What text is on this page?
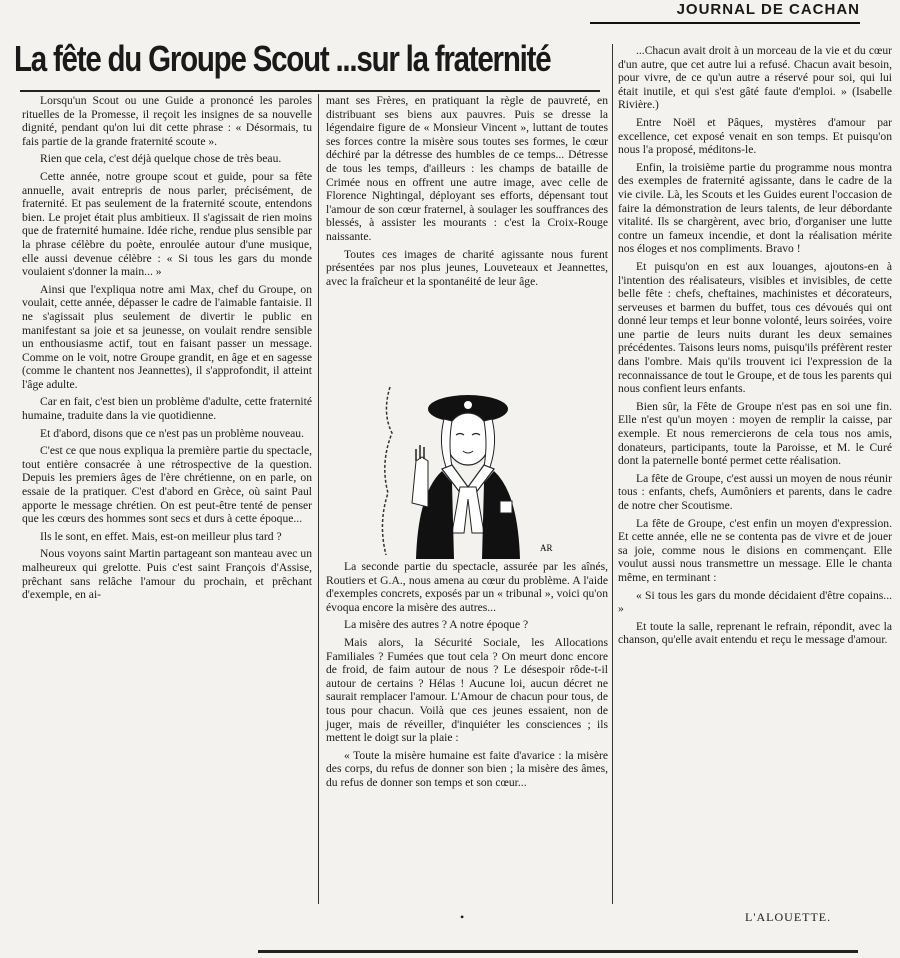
JOURNAL DE CACHAN
La fête du Groupe Scout ...sur la fraternité

Lorsqu'un Scout ou une Guide a prononcé les paroles rituelles de la Promesse, il reçoit les insignes de sa nouvelle dignité, pendant qu'on lui dit cette phrase : « Désormais, tu fais partie de la grande fraternité scoute ».

Rien que cela, c'est déjà quelque chose de très beau.

Cette année, notre groupe scout et guide, pour sa fête annuelle, avait entrepris de nous parler, précisément, de fraternité. Et pas seulement de la fraternité scoute, entendons bien. Le projet était plus ambitieux. Il s'agissait de rien moins que de fraternité humaine. Idée riche, rendue plus sensible par la phrase célèbre du poète, enroulée autour d'une musique, elle aussi devenue célèbre : « Si tous les gars du monde voulaient s'donner la main... »

Ainsi que l'expliqua notre ami Max, chef du Groupe, on voulait, cette année, dépasser le cadre de l'aimable fantaisie. Il ne s'agissait plus seulement de divertir le public en manifestant sa joie et sa jeunesse, on voulait rendre sensible un enthousiasme actif, tout en faisant passer un message. Comme on le voit, notre Groupe grandit, en âge et en sagesse (comme le chantent nos Jeannettes), il s'approfondit, il atteint l'âge adulte.

Car en fait, c'est bien un problème d'adulte, cette fraternité humaine, traduite dans la vie quotidienne.

Et d'abord, disons que ce n'est pas un problème nouveau.

C'est ce que nous expliqua la première partie du spectacle, tout entière consacrée à une rétrospective de la question. Depuis les premiers âges de l'ère chrétienne, on en parle, on essaie de la pratiquer. C'est d'abord en Grèce, où saint Paul apporte le message chrétien. On est peut-être tenté de penser que les cœurs des hommes sont secs et durs à cette époque...

Ils le sont, en effet. Mais, est-on meilleur plus tard ?

Nous voyons saint Martin partageant son manteau avec un malheureux qui grelotte. Puis c'est saint François d'Assise, prêchant sans relâche l'amour du prochain, et prêchant d'exemple, en ai-

mant ses Frères, en pratiquant la règle de pauvreté, en distribuant ses biens aux pauvres. Puis se dresse la légendaire figure de « Monsieur Vincent », luttant de toutes ses forces contre la misère sous toutes ses formes, le cœur déchiré par la détresse des humbles de ce temps... Détresse de tous les temps, d'ailleurs : les champs de bataille de Crimée nous en offrent une autre image, avec celle de Florence Nightingal, déployant ses efforts, dépensant tout l'amour de son cœur fraternel, à soulager les souffrances des blessés, à assister les mourants : c'est la Croix-Rouge naissante.

Toutes ces images de charité agissante nous furent présentées par nos plus jeunes, Louveteaux et Jeannettes, avec la fraîcheur et la spontanéité de leur âge.

AR

La seconde partie du spectacle, assurée par les aînés, Routiers et G.A., nous amena au cœur du problème. A l'aide d'exemples concrets, exposés par un « tribunal », voici qu'on évoqua encore la misère des autres...

La misère des autres ? A notre époque ?

Mais alors, la Sécurité Sociale, les Allocations Familiales ? Fumées que tout cela ? On meurt donc encore de froid, de faim autour de nous ? Le désespoir rôde-t-il autour de certains ? Hélas ! Aucune loi, aucun décret ne saurait remplacer l'amour. L'Amour de chacun pour tous, de tous pour chacun. Voilà que ces jeunes essaient, non de juger, mais de réveiller, d'inquiéter les consciences ; ils mettent le doigt sur la plaie :

« Toute la misère humaine est faite d'avarice : la misère des corps, du refus de donner son bien ; la misère des âmes, du refus de donner son temps et son cœur...

...Chacun avait droit à un morceau de la vie et du cœur d'un autre, que cet autre lui a refusé. Chacun avait besoin, pour vivre, de ce qu'un autre a réservé pour soi, qui lui était inutile, et qui s'est gâté faute d'emploi. » (Isabelle Rivière.)

Entre Noël et Pâques, mystères d'amour par excellence, cet exposé venait en son temps. Et puisqu'on nous l'a proposé, méditons-le.

Enfin, la troisième partie du programme nous montra des exemples de fraternité agissante, dans le cadre de la vie civile. Là, les Scouts et les Guides eurent l'occasion de faire la démonstration de leurs talents, de leur débordante vitalité. Ils se chargèrent, avec brio, d'organiser une lutte contre un fameux incendie, et dont la réalisation mérite nos éloges et nos compliments. Bravo !

Et puisqu'on en est aux louanges, ajoutons-en à l'intention des réalisateurs, visibles et invisibles, de cette belle fête : chefs, cheftaines, machinistes et décorateurs, serveuses et barmen du buffet, tous ces dévoués qui ont donné leur temps et leur bonne volonté, leurs soirées, voire une partie de leurs nuits durant les deux semaines précédentes. Taisons leurs noms, puisqu'ils préfèrent rester dans l'ombre. Mais qu'ils trouvent ici l'expression de la reconnaissance de tout le Groupe, et de tous les parents qui nous confient leurs enfants.

Bien sûr, la Fête de Groupe n'est pas en soi une fin. Elle n'est qu'un moyen : moyen de remplir la caisse, par exemple. Et nous remercierons de cela tous nos amis, donateurs, participants, toute la Paroisse, et M. le Curé dont la paternelle bonté permet cette réalisation.

La fête de Groupe, c'est aussi un moyen de nous réunir tous : enfants, chefs, Aumôniers et parents, dans le cadre de notre cher Scoutisme.

La fête de Groupe, c'est enfin un moyen d'expression. Et cette année, elle ne se contenta pas de vivre et de jouer sa joie, comme nous le disions en commençant. Elle voulut aussi nous transmettre un message. Elle le chanta même, en terminant :

« Si tous les gars du monde décidaient d'être copains... »

Et toute la salle, reprenant le refrain, répondit, avec la chanson, qu'elle avait entendu et reçu le message d'amour.

L'ALOUETTE.
•
